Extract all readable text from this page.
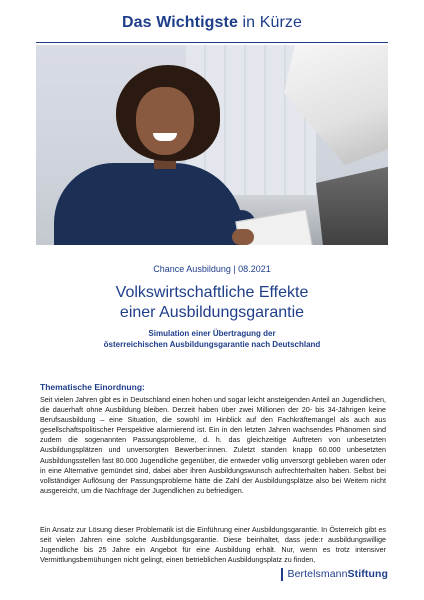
Das Wichtigste in Kürze
Chance Ausbildung | 08.2021
Volkswirtschaftliche Effekte
einer Ausbildungsgarantie
Simulation einer Übertragung der
österreichischen Ausbildungsgarantie nach Deutschland
Thematische Einordnung:
Seit vielen Jahren gibt es in Deutschland einen hohen und sogar leicht ansteigenden Anteil an Jugendlichen, die dauerhaft ohne Ausbildung bleiben. Derzeit haben über zwei Millionen der 20- bis 34-Jährigen keine Berufsausbildung – eine Situation, die sowohl im Hinblick auf den Fachkräftemangel als auch aus gesellschaftspolitischer Perspektive alarmierend ist. Ein in den letzten Jahren wachsendes Phänomen sind zudem die sogenannten Passungsprobleme, d. h. das gleichzeitige Auftreten von unbesetzten Ausbildungsplätzen und unversorgten Bewerber:innen. Zuletzt standen knapp 60.000 unbesetzten Ausbildungsstellen fast 80.000 Jugendliche gegenüber, die entweder völlig unversorgt geblieben waren oder in eine Alternative gemündet sind, dabei aber ihren Ausbildungswunsch aufrechterhalten haben. Selbst bei vollständiger Auflösung der Passungsprobleme hätte die Zahl der Ausbildungsplätze also bei Weitem nicht ausgereicht, um die Nachfrage der Jugendlichen zu befriedigen.
Ein Ansatz zur Lösung dieser Problematik ist die Einführung einer Ausbildungsgarantie. In Österreich gibt es seit vielen Jahren eine solche Ausbildungsgarantie. Diese beinhaltet, dass jede:r ausbildungswillige Jugendliche bis 25 Jahre ein Angebot für eine Ausbildung erhält. Nur, wenn es trotz intensiver Vermittlungsbemühungen nicht gelingt, einen betrieblichen Ausbildungsplatz zu finden,
BertelsmannStiftung
